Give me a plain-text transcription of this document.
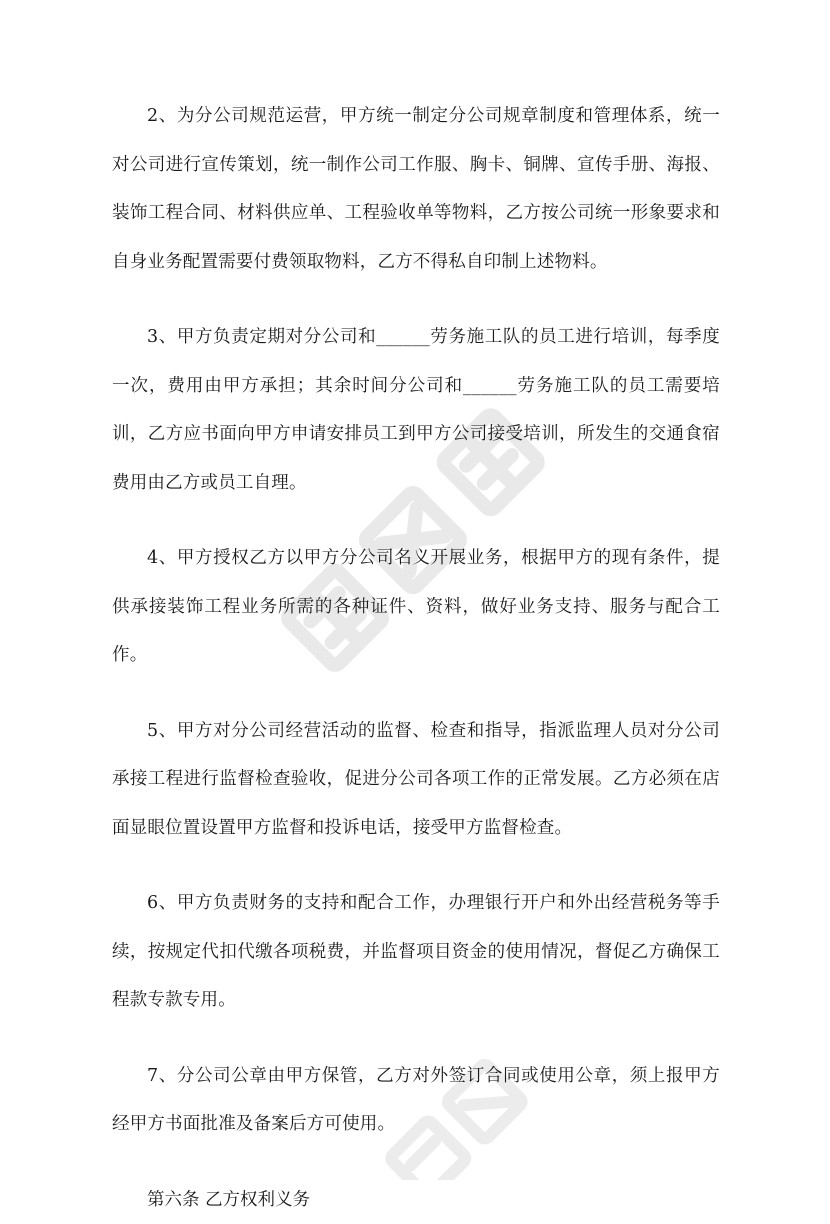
2、为分公司规范运营，甲方统一制定分公司规章制度和管理体系，统一对公司进行宣传策划，统一制作公司工作服、胸卡、铜牌、宣传手册、海报、装饰工程合同、材料供应单、工程验收单等物料，乙方按公司统一形象要求和自身业务配置需要付费领取物料，乙方不得私自印制上述物料。

3、甲方负责定期对分公司和______劳务施工队的员工进行培训，每季度一次，费用由甲方承担；其余时间分公司和______劳务施工队的员工需要培训，乙方应书面向甲方申请安排员工到甲方公司接受培训，所发生的交通食宿费用由乙方或员工自理。

4、甲方授权乙方以甲方分公司名义开展业务，根据甲方的现有条件，提供承接装饰工程业务所需的各种证件、资料，做好业务支持、服务与配合工作。

5、甲方对分公司经营活动的监督、检查和指导，指派监理人员对分公司承接工程进行监督检查验收，促进分公司各项工作的正常发展。乙方必须在店面显眼位置设置甲方监督和投诉电话，接受甲方监督检查。

6、甲方负责财务的支持和配合工作，办理银行开户和外出经营税务等手续，按规定代扣代缴各项税费，并监督项目资金的使用情况，督促乙方确保工程款专款专用。

7、分公司公章由甲方保管，乙方对外签订合同或使用公章，须上报甲方经甲方书面批准及备案后方可使用。

第六条 乙方权利义务
